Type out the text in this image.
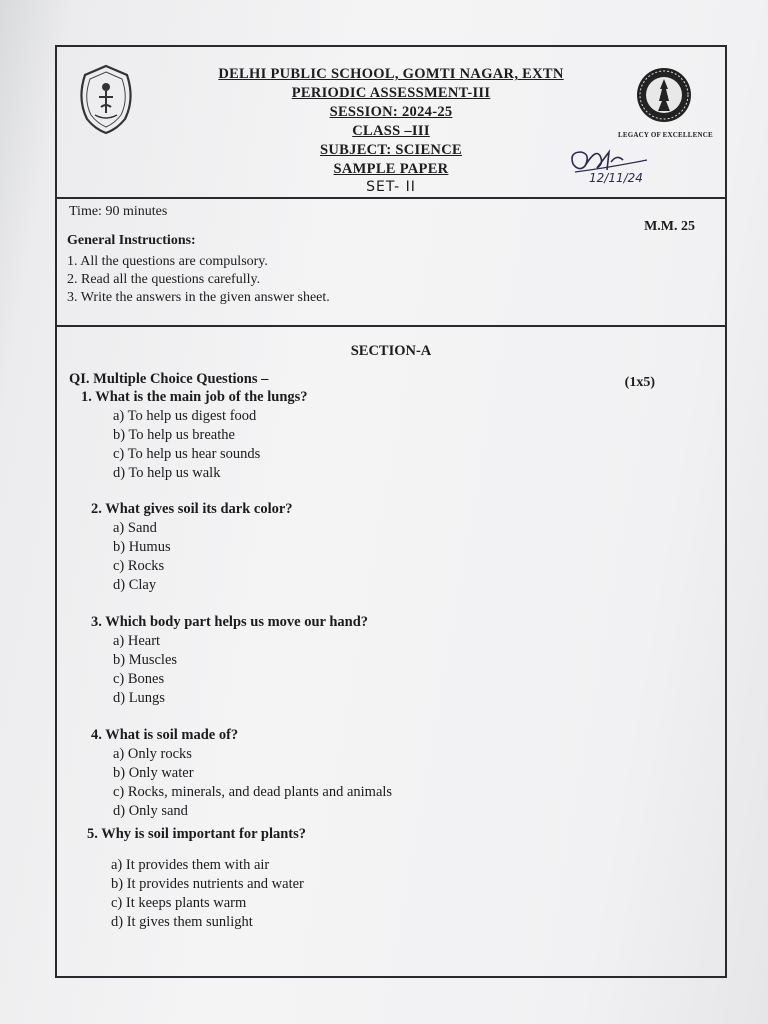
DELHI PUBLIC SCHOOL, GOMTI NAGAR, EXTN
PERIODIC ASSESSMENT-III
SESSION: 2024-25
CLASS –III
SUBJECT: SCIENCE
SAMPLE PAPER
SET- II
LEGACY OF EXCELLENCE
12/11/24
Time: 90 minutes
M.M. 25
General Instructions:
1. All the questions are compulsory.
2. Read all the questions carefully.
3. Write the answers in the given answer sheet.
SECTION-A
QI. Multiple Choice Questions –	(1x5)
1. What is the main job of the lungs?
a) To help us digest food
b) To help us breathe
c) To help us hear sounds
d) To help us walk
2. What gives soil its dark color?
a) Sand
b) Humus
c) Rocks
d) Clay
3. Which body part helps us move our hand?
a) Heart
b) Muscles
c) Bones
d) Lungs
4. What is soil made of?
a) Only rocks
b) Only water
c) Rocks, minerals, and dead plants and animals
d) Only sand
5. Why is soil important for plants?
a) It provides them with air
b) It provides nutrients and water
c) It keeps plants warm
d) It gives them sunlight
